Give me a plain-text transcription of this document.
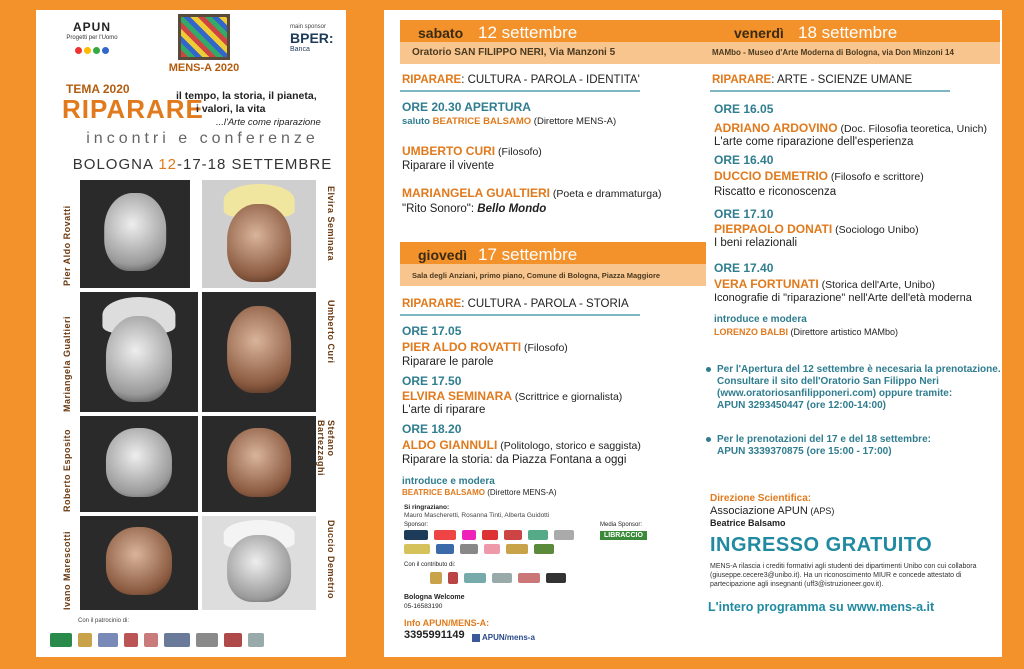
APUN
Progetti per l'Uomo
MENS-A 2020
main sponsor
BPER:
Banca
TEMA 2020
RIPARARE
il tempo, la storia, il pianeta,
i valori, la vita
...l'Arte come riparazione
incontri e conferenze
BOLOGNA 12-17-18 SETTEMBRE
Pier Aldo Rovatti	Elvira Seminara
Mariangela Gualtieri	Umberto Curi
Roberto Esposito	Stefano Bartezzaghi
Ivano Marescotti	Duccio Demetrio
Con il patrocinio di:
sabato 12 settembre
Oratorio SAN FILIPPO NERI, Via Manzoni 5
venerdì 18 settembre
MAMbo - Museo d'Arte Moderna di Bologna, via Don Minzoni 14
RIPARARE: CULTURA - PAROLA - IDENTITA'
ORE 20.30 APERTURA
saluto BEATRICE BALSAMO (Direttore MENS-A)
UMBERTO CURI (Filosofo)
Riparare il vivente
MARIANGELA GUALTIERI (Poeta e drammaturga)
"Rito Sonoro": Bello Mondo
giovedì 17 settembre
Sala degli Anziani, primo piano, Comune di Bologna, Piazza Maggiore
RIPARARE: CULTURA - PAROLA - STORIA
ORE 17.05
PIER ALDO ROVATTI (Filosofo)
Riparare le parole
ORE 17.50
ELVIRA SEMINARA (Scrittrice e giornalista)
L'arte di riparare
ORE 18.20
ALDO GIANNULI (Politologo, storico e saggista)
Riparare la storia: da Piazza Fontana a oggi
introduce e modera
BEATRICE BALSAMO (Direttore MENS-A)
Si ringraziano:
Mauro Mascheretti, Rosanna Tinti, Alberta Guidotti
Sponsor:	Media Sponsor:
LIBRACCIO
Con il contributo di:
Bologna Welcome
05-16583190
Info APUN/MENS-A:
3395991149	APUN/mens-a
RIPARARE: ARTE - SCIENZE UMANE
ORE 16.05
ADRIANO ARDOVINO (Doc. Filosofia teoretica, Unich)
L'arte come riparazione dell'esperienza
ORE 16.40
DUCCIO DEMETRIO (Filosofo e scrittore)
Riscatto e riconoscenza
ORE 17.10
PIERPAOLO DONATI (Sociologo Unibo)
I beni relazionali
ORE 17.40
VERA FORTUNATI (Storica dell'Arte, Unibo)
Iconografie di "riparazione" nell'Arte dell'età moderna
introduce e modera
LORENZO BALBI (Direttore artistico MAMbo)
Per l'Apertura del 12 settembre è necesaria la prenotazione.
Consultare il sito dell'Oratorio San Filippo Neri
(www.oratoriosanfilipponeri.com) oppure tramite:
APUN 3293450447 (ore 12:00-14:00)
Per le prenotazioni del 17 e del 18 settembre:
APUN 3339370875 (ore 15:00 - 17:00)
Direzione Scientifica:
Associazione APUN (APS)
Beatrice Balsamo
INGRESSO GRATUITO
MENS-A rilascia i crediti formativi agli studenti dei dipartimenti Unibo con cui collabora (giuseppe.cecere3@unibo.it). Ha un riconoscimento MIUR e concede attestato di partecipazione agli insegnanti (uff3@istruzioneer.gov.it).
L'intero programma su www.mens-a.it
